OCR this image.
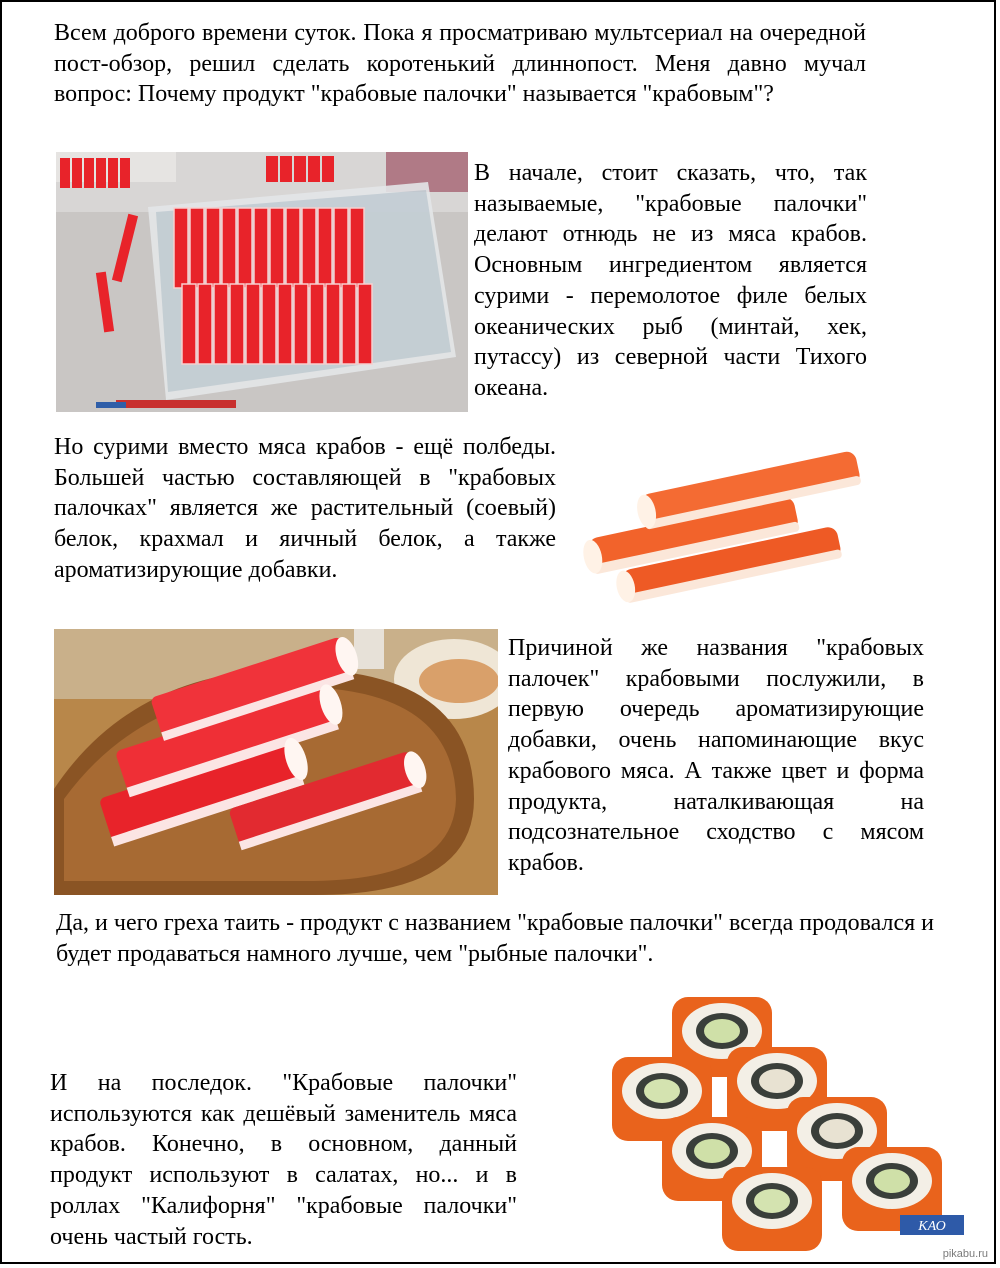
Всем доброго времени суток. Пока я просматриваю мультсериал на очередной пост-обзор, решил сделать коротенький длиннопост. Меня давно мучал вопрос: Почему продукт "крабовые палочки" называется "крабовым"?

В начале, стоит сказать, что, так называемые, "крабовые палочки" делают отнюдь не из мяса крабов. Основным ингредиентом является сурими - перемолотое филе белых океанических рыб (минтай, хек, путассу) из северной части Тихого океана.

Но сурими вместо мяса крабов - ещё полбеды. Большей частью составляющей в "крабовых палочках" является же растительный (соевый) белок, крахмал и яичный белок, а также ароматизирующие добавки.

Причиной же названия "крабовых палочек" крабовыми послужили, в первую очередь ароматизирующие добавки, очень напоминающие вкус крабового мяса. А также цвет и форма продукта, наталкивающая на подсознательное сходство с мясом крабов.

Да, и чего греха таить - продукт с названием "крабовые палочки" всегда продовался и будет продаваться намного лучше, чем "рыбные палочки".

И на последок. "Крабовые палочки" используются как дешёвый заменитель мяса крабов. Конечно, в основном, данный продукт используют в салатах, но... и в роллах "Калифорня" "крабовые палочки" очень частый гость.	КАО
pikabu.ru
